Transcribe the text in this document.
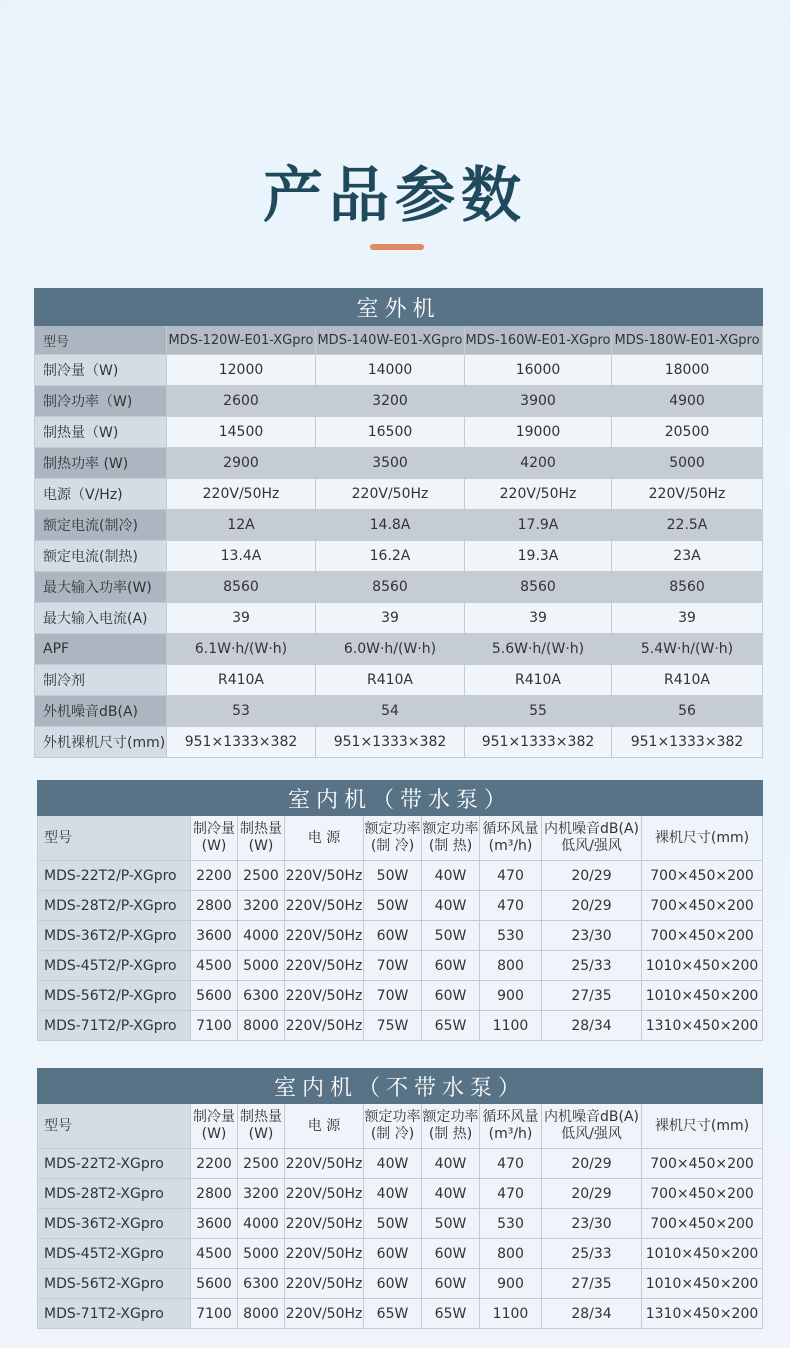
产品参数
室外机				
型号	MDS-120W-E01-XGpro	MDS-140W-E01-XGpro	MDS-160W-E01-XGpro	MDS-180W-E01-XGpro
制冷量（W)	12000	14000	16000	18000
制冷功率（W)	2600	3200	3900	4900
制热量（W)	14500	16500	19000	20500
制热功率 (W)	2900	3500	4200	5000
电源（V/Hz)	220V/50Hz	220V/50Hz	220V/50Hz	220V/50Hz
额定电流(制冷)	12A	14.8A	17.9A	22.5A
额定电流(制热)	13.4A	16.2A	19.3A	23A
最大输入功率(W)	8560	8560	8560	8560
最大输入电流(A)	39	39	39	39
APF	6.1W·h/(W·h)	6.0W·h/(W·h)	5.6W·h/(W·h)	5.4W·h/(W·h)
制冷剂	R410A	R410A	R410A	R410A
外机噪音dB(A)	53	54	55	56
外机裸机尺寸(mm)	951×1333×382	951×1333×382	951×1333×382	951×1333×382
室内机（带水泵）								
型号	制冷量 (W)	制热量 (W)	电 源	额定功率 (制 冷)	额定功率 (制 热)	循环风量 (m³/h)	内机噪音dB(A) 低风/强风	裸机尺寸(mm)
MDS-22T2/P-XGpro	2200	2500	220V/50Hz	50W	40W	470	20/29	700×450×200
MDS-28T2/P-XGpro	2800	3200	220V/50Hz	50W	40W	470	20/29	700×450×200
MDS-36T2/P-XGpro	3600	4000	220V/50Hz	60W	50W	530	23/30	700×450×200
MDS-45T2/P-XGpro	4500	5000	220V/50Hz	70W	60W	800	25/33	1010×450×200
MDS-56T2/P-XGpro	5600	6300	220V/50Hz	70W	60W	900	27/35	1010×450×200
MDS-71T2/P-XGpro	7100	8000	220V/50Hz	75W	65W	1100	28/34	1310×450×200
室内机（不带水泵）								
型号	制冷量 (W)	制热量 (W)	电 源	额定功率 (制 冷)	额定功率 (制 热)	循环风量 (m³/h)	内机噪音dB(A) 低风/强风	裸机尺寸(mm)
MDS-22T2-XGpro	2200	2500	220V/50Hz	40W	40W	470	20/29	700×450×200
MDS-28T2-XGpro	2800	3200	220V/50Hz	40W	40W	470	20/29	700×450×200
MDS-36T2-XGpro	3600	4000	220V/50Hz	50W	50W	530	23/30	700×450×200
MDS-45T2-XGpro	4500	5000	220V/50Hz	60W	60W	800	25/33	1010×450×200
MDS-56T2-XGpro	5600	6300	220V/50Hz	60W	60W	900	27/35	1010×450×200
MDS-71T2-XGpro	7100	8000	220V/50Hz	65W	65W	1100	28/34	1310×450×200
